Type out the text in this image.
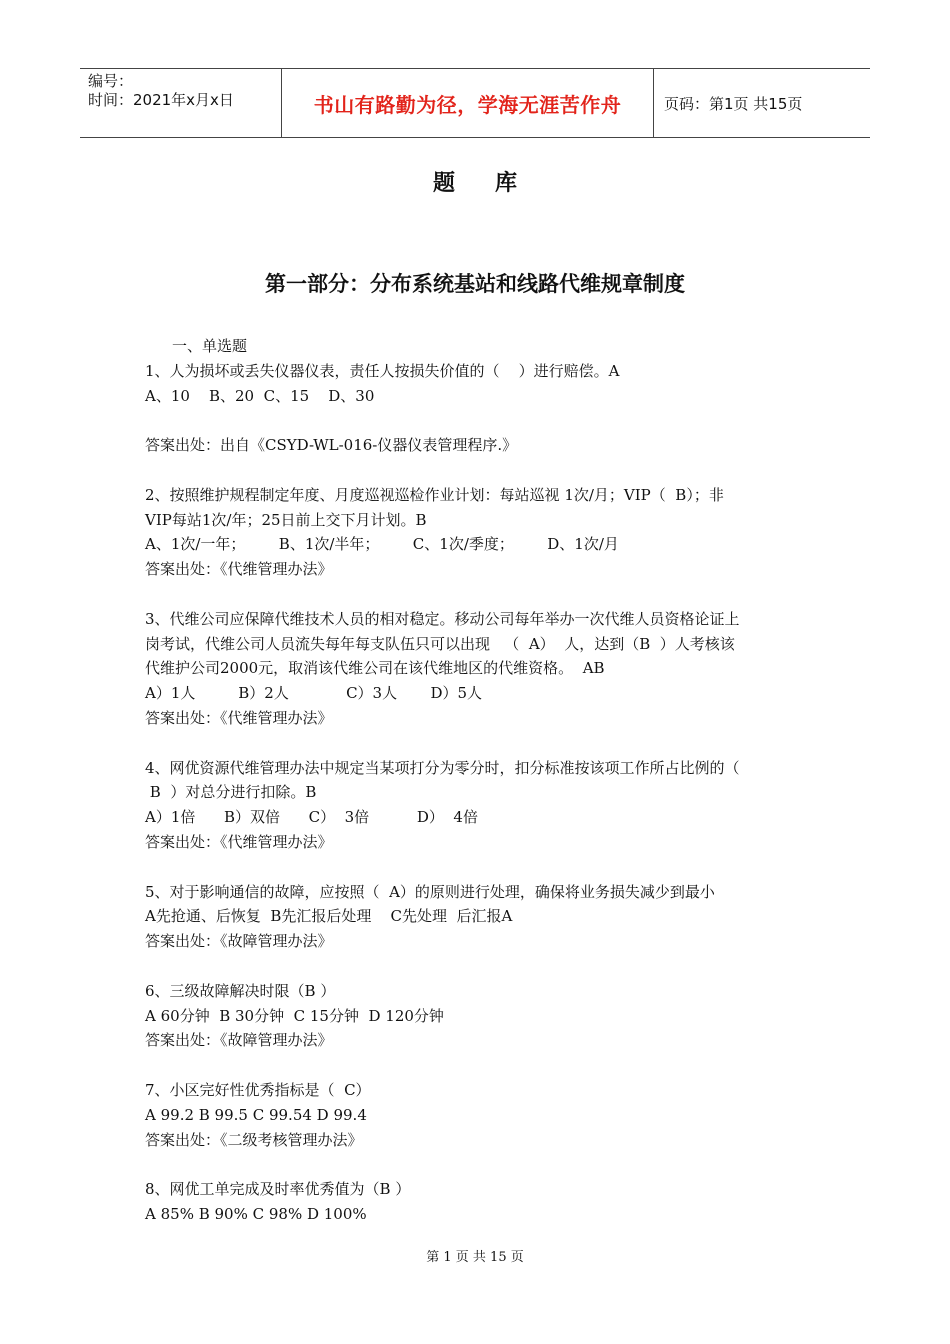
编号：
时间：2021年x月x日	书山有路勤为径，学海无涯苦作舟	页码：第1页 共15页
题库
第一部分：分布系统基站和线路代维规章制度

一、单选题

1、人为损坏或丢失仪器仪表，责任人按损失价值的（    ）进行赔偿。A

A、10    B、20  C、15    D、30

答案出处：出自《CSYD-WL-016-仪器仪表管理程序.》

2、按照维护规程制定年度、月度巡视巡检作业计划：每站巡视 1次/月；VIP（  B）；非

VIP每站1次/年；25日前上交下月计划。B

A、1次/一年；       B、1次/半年；       C、1次/季度；       D、1次/月

答案出处：《代维管理办法》

3、代维公司应保障代维技术人员的相对稳定。移动公司每年举办一次代维人员资格论证上

岗考试，代维公司人员流失每年每支队伍只可以出现   （  A）  人，达到（B  ）人考核该

代维护公司2000元，取消该代维公司在该代维地区的代维资格。  AB

A）1人         B）2人            C）3人       D）5人

答案出处：《代维管理办法》

4、网优资源代维管理办法中规定当某项打分为零分时，扣分标准按该项工作所占比例的（

B  ）对总分进行扣除。B

A）1倍      B）双倍      C）  3倍          D）  4倍

答案出处：《代维管理办法》

5、对于影响通信的故障，应按照（  A）的原则进行处理，确保将业务损失减少到最小

A先抢通、后恢复  B先汇报后处理    C先处理  后汇报A

答案出处：《故障管理办法》

6、三级故障解决时限（B ）

A 60分钟  B 30分钟  C 15分钟  D 120分钟

答案出处：《故障管理办法》

7、小区完好性优秀指标是（  C）

A 99.2 B 99.5 C 99.54 D 99.4

答案出处：《二级考核管理办法》

8、网优工单完成及时率优秀值为（B ）

A 85% B 90% C 98% D 100%

第 1 页 共 15 页
